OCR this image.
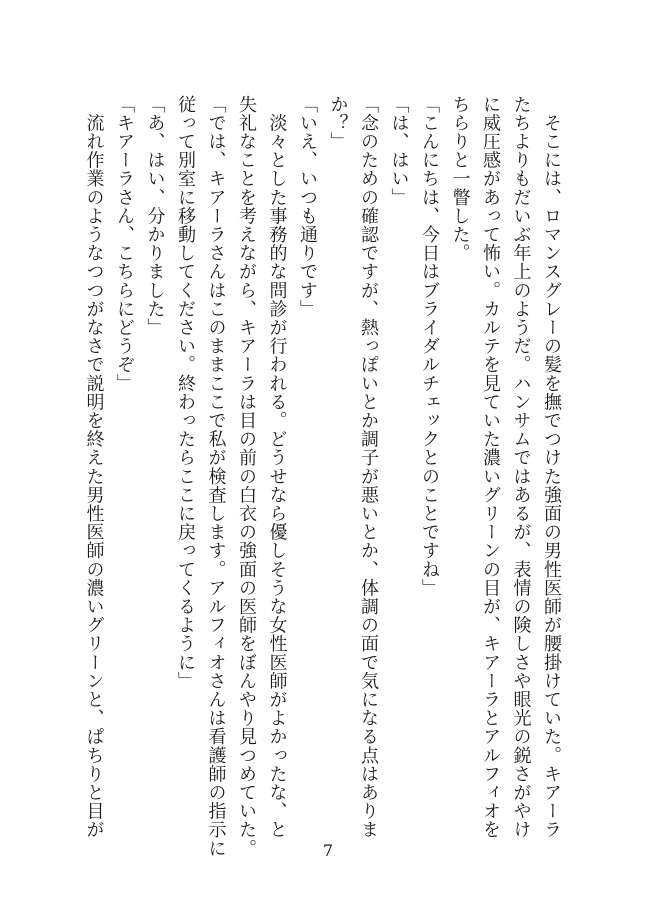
　そこには、ロマンスグレーの髪を撫でつけた強面の男性医師が腰掛けていた。キアーラ
たちよりもだいぶ年上のようだ。ハンサムではあるが、表情の険しさや眼光の鋭さがやけ
に威圧感があって怖い。カルテを見ていた濃いグリーンの目が、キアーラとアルフィオを
ちらりと一瞥した。
「こんにちは、今日はブライダルチェックとのことですね」
「は、はい」
「念のための確認ですが、熱っぽいとか調子が悪いとか、体調の面で気になる点はありま
か？」
「いえ、いつも通りです」
　淡々とした事務的な問診が行われる。どうせなら優しそうな女性医師がよかったな、と
失礼なことを考えながら、キアーラは目の前の白衣の強面の医師をぼんやり見つめていた。
「では、キアーラさんはこのままここで私が検査します。アルフィオさんは看護師の指示に
従って別室に移動してください。終わったらここに戻ってくるように」
「あ、はい、分かりました」
「キアーラさん、こちらにどうぞ」
　流れ作業のようなつつがなさで説明を終えた男性医師の濃いグリーンと、ぱちりと目が
7
